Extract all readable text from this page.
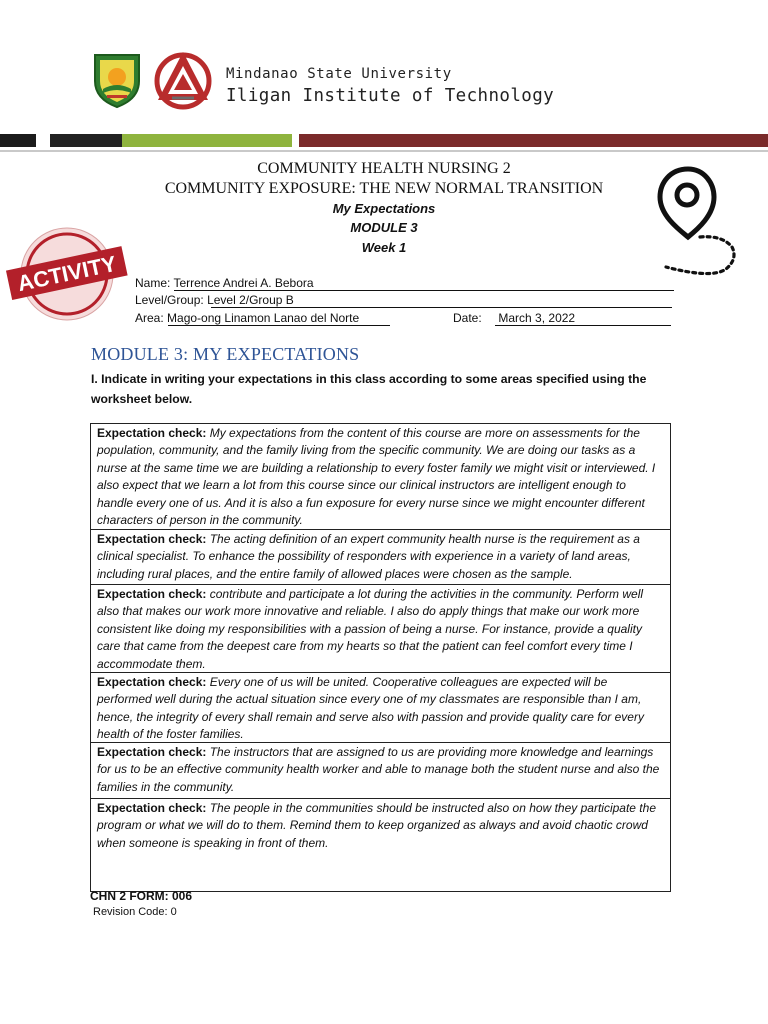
Mindanao State University
Iligan Institute of Technology
COMMUNITY HEALTH NURSING 2
COMMUNITY EXPOSURE: THE NEW NORMAL TRANSITION
My Expectations
MODULE 3
Week 1
ACTIVITY Name: Terrence Andrei A. Bebora
Level/Group: Level 2/Group B
Area: Mago-ong Linamon Lanao del Norte	Date: March 3, 2022
MODULE 3: MY EXPECTATIONS
I. Indicate in writing your expectations in this class according to some areas specified using the worksheet below.
Expectation check: My expectations from the content of this course are more on assessments for the population, community, and the family living from the specific community. We are doing our tasks as a nurse at the same time we are building a relationship to every foster family we might visit or interviewed. I also expect that we learn a lot from this course since our clinical instructors are intelligent enough to handle every one of us. And it is also a fun exposure for every nurse since we might encounter different characters of person in the community.
Expectation check: The acting definition of an expert community health nurse is the requirement as a clinical specialist. To enhance the possibility of responders with experience in a variety of land areas, including rural places, and the entire family of allowed places were chosen as the sample.
Expectation check: contribute and participate a lot during the activities in the community. Perform well also that makes our work more innovative and reliable. I also do apply things that make our work more consistent like doing my responsibilities with a passion of being a nurse. For instance, provide a quality care that came from the deepest care from my hearts so that the patient can feel comfort every time I accommodate them.
Expectation check: Every one of us will be united. Cooperative colleagues are expected will be performed well during the actual situation since every one of my classmates are responsible than I am, hence, the integrity of every shall remain and serve also with passion and provide quality care for every health of the foster families.
Expectation check: The instructors that are assigned to us are providing more knowledge and learnings for us to be an effective community health worker and able to manage both the student nurse and also the families in the community.
Expectation check: The people in the communities should be instructed also on how they participate the program or what we will do to them. Remind them to keep organized as always and avoid chaotic crowd when someone is speaking in front of them.
CHN 2 FORM: 006
Revision Code: 0
